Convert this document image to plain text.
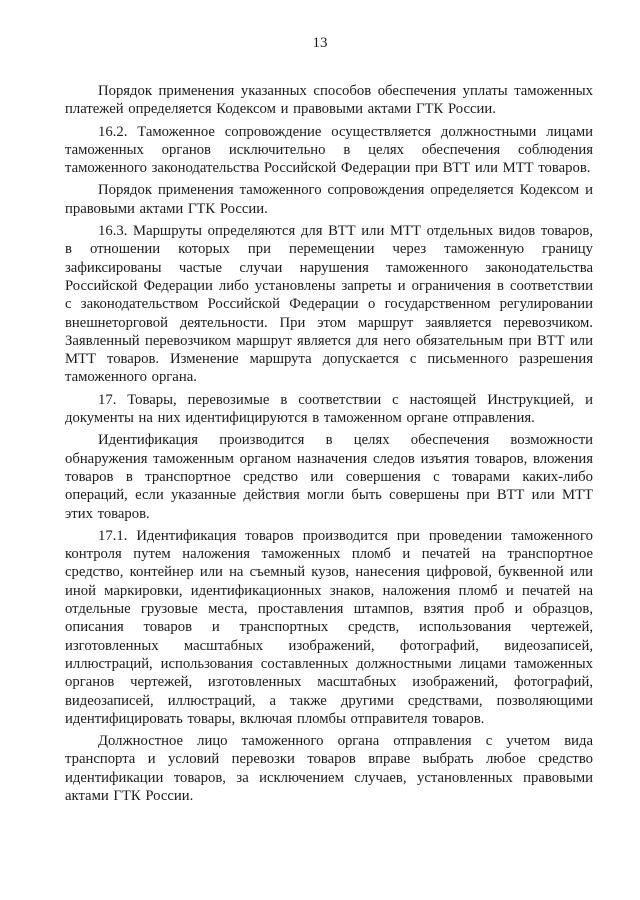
13

Порядок применения указанных способов обеспечения уплаты таможенных платежей определяется Кодексом и правовыми актами ГТК России.

16.2. Таможенное сопровождение осуществляется должностными лицами таможенных органов исключительно в целях обеспечения соблюдения таможенного законодательства Российской Федерации при ВТТ или МТТ товаров.

Порядок применения таможенного сопровождения определяется Кодексом и правовыми актами ГТК России.

16.3. Маршруты определяются для ВТТ или МТТ отдельных видов товаров, в отношении которых при перемещении через таможенную границу зафиксированы частые случаи нарушения таможенного законодательства Российской Федерации либо установлены запреты и ограничения в соответствии с законодательством Российской Федерации о государственном регулировании внешнеторговой деятельности. При этом маршрут заявляется перевозчиком. Заявленный перевозчиком маршрут является для него обязательным при ВТТ или МТТ товаров. Изменение маршрута допускается с письменного разрешения таможенного органа.

17. Товары, перевозимые в соответствии с настоящей Инструкцией, и документы на них идентифицируются в таможенном органе отправления.

Идентификация производится в целях обеспечения возможности обнаружения таможенным органом назначения следов изъятия товаров, вложения товаров в транспортное средство или совершения с товарами каких-либо операций, если указанные действия могли быть совершены при ВТТ или МТТ этих товаров.

17.1. Идентификация товаров производится при проведении таможенного контроля путем наложения таможенных пломб и печатей на транспортное средство, контейнер или на съемный кузов, нанесения цифровой, буквенной или иной маркировки, идентификационных знаков, наложения пломб и печатей на отдельные грузовые места, проставления штампов, взятия проб и образцов, описания товаров и транспортных средств, использования чертежей, изготовленных масштабных изображений, фотографий, видеозаписей, иллюстраций, использования составленных должностными лицами таможенных органов чертежей, изготовленных масштабных изображений, фотографий, видеозаписей, иллюстраций, а также другими средствами, позволяющими идентифицировать товары, включая пломбы отправителя товаров.

Должностное лицо таможенного органа отправления с учетом вида транспорта и условий перевозки товаров вправе выбрать любое средство идентификации товаров, за исключением случаев, установленных правовыми актами ГТК России.
